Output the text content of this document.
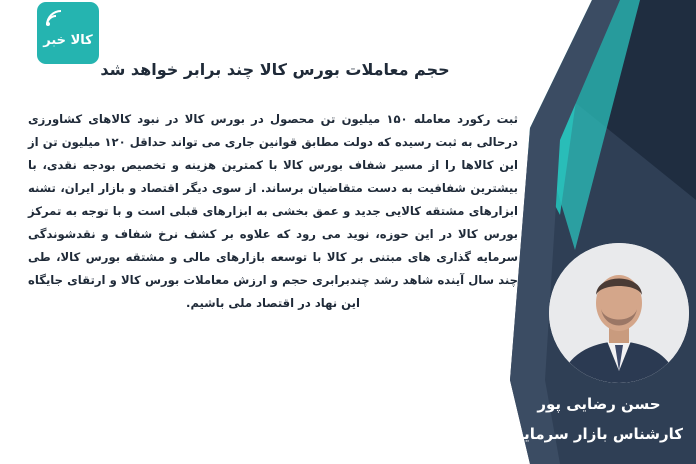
کالا خبر
حجم معاملات بورس کالا چند برابر خواهد شد
ثبت رکورد معامله ۱۵۰ میلیون تن محصول در بورس کالا در نبود کالاهای کشاورزی درحالی به ثبت رسیده که دولت مطابق قوانین جاری می تواند حداقل ۱۲۰ میلیون تن از این کالاها را از مسیر شفاف بورس کالا با کمترین هزینه و تخصیص بودجه نقدی، با بیشترین شفافیت به دست متقاضیان برساند. از سوی دیگر اقتصاد و بازار ایران، تشنه ابزارهای مشتقه کالایی جدید و عمق بخشی به ابزارهای قبلی است و با توجه به تمرکز بورس کالا در این حوزه، نوید می رود که علاوه بر کشف نرخ شفاف و نقدشوندگی سرمایه گذاری های مبتنی بر کالا با توسعه بازارهای مالی و مشتقه بورس کالا، طی چند سال آینده شاهد رشد چندبرابری حجم و ارزش معاملات بورس کالا و ارتقای جایگاه این نهاد در اقتصاد ملی باشیم.
حسن رضایی پور
کارشناس بازار سرمایه
